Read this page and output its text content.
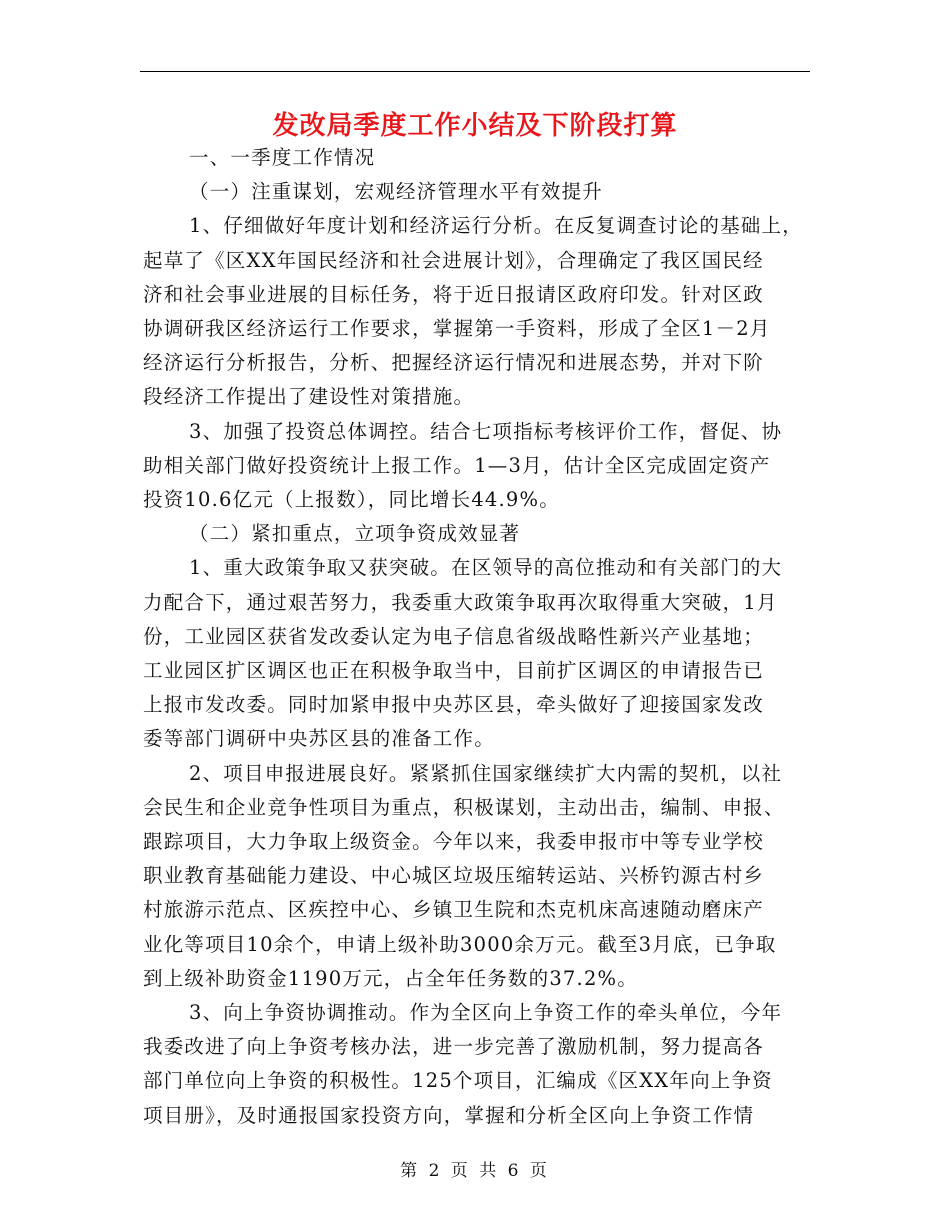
发改局季度工作小结及下阶段打算
一、一季度工作情况
（一）注重谋划，宏观经济管理水平有效提升
1、仔细做好年度计划和经济运行分析。在反复调查讨论的基础上，
起草了《区XX年国民经济和社会进展计划》，合理确定了我区国民经
济和社会事业进展的目标任务，将于近日报请区政府印发。针对区政
协调研我区经济运行工作要求，掌握第一手资料，形成了全区1－2月
经济运行分析报告，分析、把握经济运行情况和进展态势，并对下阶
段经济工作提出了建设性对策措施。
3、加强了投资总体调控。结合七项指标考核评价工作，督促、协
助相关部门做好投资统计上报工作。1—3月，估计全区完成固定资产
投资10.6亿元（上报数），同比增长44.9%。
（二）紧扣重点，立项争资成效显著
1、重大政策争取又获突破。在区领导的高位推动和有关部门的大
力配合下，通过艰苦努力，我委重大政策争取再次取得重大突破，1月
份，工业园区获省发改委认定为电子信息省级战略性新兴产业基地；
工业园区扩区调区也正在积极争取当中，目前扩区调区的申请报告已
上报市发改委。同时加紧申报中央苏区县，牵头做好了迎接国家发改
委等部门调研中央苏区县的准备工作。
2、项目申报进展良好。紧紧抓住国家继续扩大内需的契机，以社
会民生和企业竞争性项目为重点，积极谋划，主动出击，编制、申报、
跟踪项目，大力争取上级资金。今年以来，我委申报市中等专业学校
职业教育基础能力建设、中心城区垃圾压缩转运站、兴桥钓源古村乡
村旅游示范点、区疾控中心、乡镇卫生院和杰克机床高速随动磨床产
业化等项目10余个，申请上级补助3000余万元。截至3月底，已争取
到上级补助资金1190万元，占全年任务数的37.2%。
3、向上争资协调推动。作为全区向上争资工作的牵头单位，今年
我委改进了向上争资考核办法，进一步完善了激励机制，努力提高各
部门单位向上争资的积极性。125个项目，汇编成《区XX年向上争资
项目册》，及时通报国家投资方向，掌握和分析全区向上争资工作情
第 2 页 共 6 页
